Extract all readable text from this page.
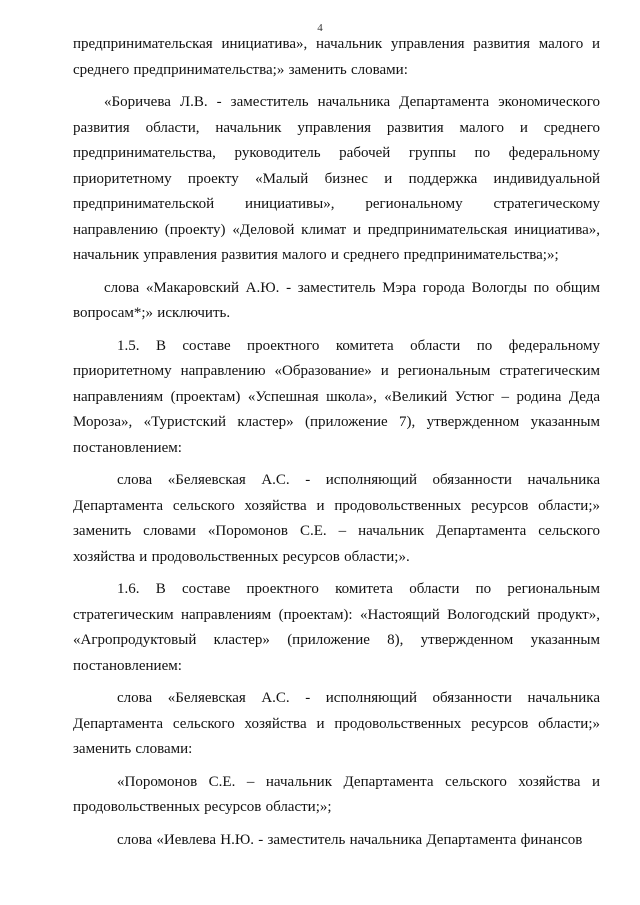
4

предпринимательская инициатива», начальник управления развития малого и среднего предпринимательства;» заменить словами:

«Боричева Л.В. - заместитель начальника Департамента экономического развития области, начальник управления развития малого и среднего предпринимательства, руководитель рабочей группы по федеральному приоритетному проекту «Малый бизнес и поддержка индивидуальной предпринимательской инициативы», региональному стратегическому направлению (проекту) «Деловой климат и предпринимательская инициатива», начальник управления развития малого и среднего предпринимательства;»;

слова «Макаровский А.Ю. - заместитель Мэра города Вологды по общим вопросам*;» исключить.

1.5. В составе проектного комитета области по федеральному приоритетному направлению «Образование» и региональным стратегическим направлениям (проектам) «Успешная школа», «Великий Устюг – родина Деда Мороза», «Туристский кластер» (приложение 7), утвержденном указанным постановлением:

слова «Беляевская А.С. - исполняющий обязанности начальника Департамента сельского хозяйства и продовольственных ресурсов области;» заменить словами «Поромонов С.Е. – начальник Департамента сельского хозяйства и продовольственных ресурсов области;».

1.6. В составе проектного комитета области по региональным стратегическим направлениям (проектам): «Настоящий Вологодский продукт», «Агропродуктовый кластер» (приложение 8), утвержденном указанным постановлением:

слова «Беляевская А.С. - исполняющий обязанности начальника Департамента сельского хозяйства и продовольственных ресурсов области;» заменить словами:

«Поромонов С.Е. – начальник Департамента сельского хозяйства и продовольственных ресурсов области;»;

слова «Иевлева Н.Ю. - заместитель начальника Департамента финансов
